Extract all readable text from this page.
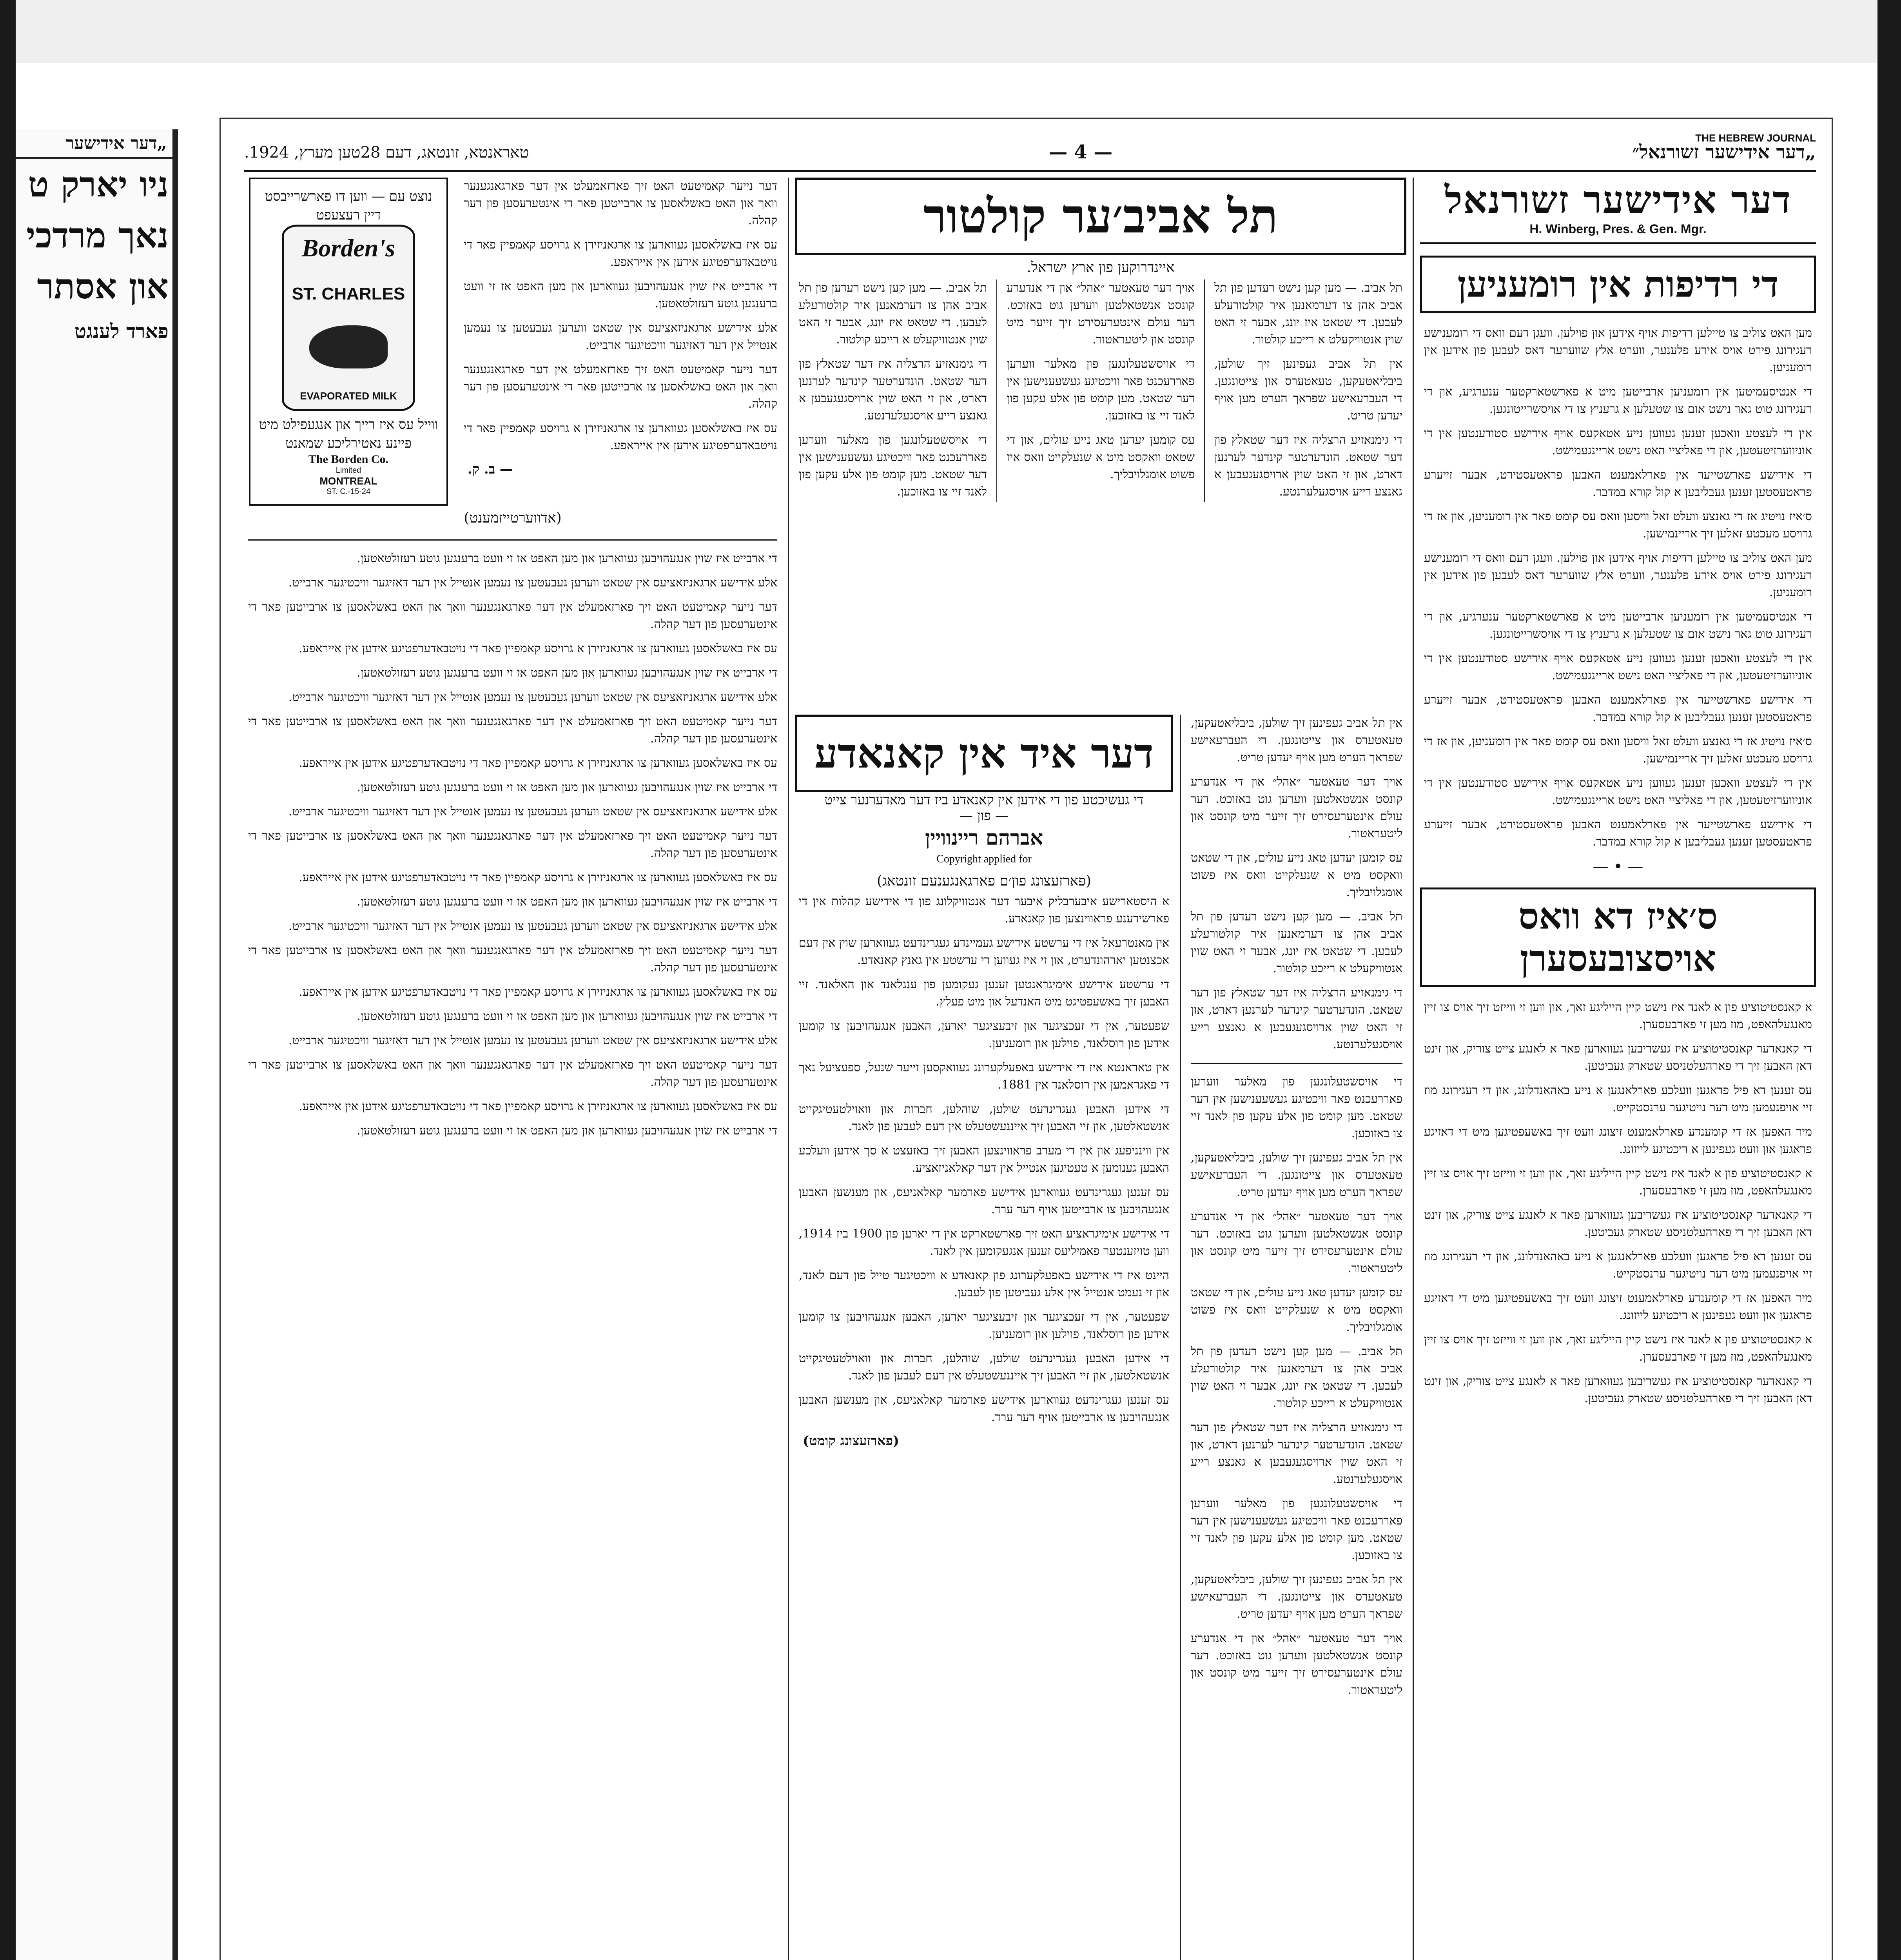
„דער אידישער
ניו יארק ט
נאך מרדכי
און אסתר
פארד לענגט
„דער אידישער זשורנאל״
— 4 —
טאראנטא, זונטאג, דעם 28טען מערץ, 1924.
THE HEBREW JOURNAL
דער אידישער זשורנאל
H. Winberg, Pres. & Gen. Mgr.
די רדיפות אין רומעניען

מען האט צוליב צו טיילען רדיפות אויף אידען און פוילען. וועגן דעם וואס די רומענישע רעגירונג פירט אויס אירע פלענער, ווערט אלץ שווערער דאס לעבען פון אידען אין רומעניען.

די אנטיסעמיטען אין רומעניען ארבייטען מיט א פארשטארקטער ענערגיע, און די רעגירונג טוט גאר נישט אום צו שטעלען א גרעניץ צו די אויסשרייטונגען.

אין די לעצטע וואכען זענען געווען נייע אטאקעס אויף אידישע סטודענטען אין די אוניווערזיטעטען, און די פאליציי האט נישט אריינגעמישט.

די אידישע פארשטייער אין פארלאמענט האבען פראטעסטירט, אבער זייערע פראטעסטען זענען געבליבען א קול קורא במדבר.

ס׳איז נויטיג אז די גאנצע וועלט זאל וויסען וואס עס קומט פאר אין רומעניען, און אז די גרויסע מעכטע זאלען זיך אריינמישען.

מען האט צוליב צו טיילען רדיפות אויף אידען און פוילען. וועגן דעם וואס די רומענישע רעגירונג פירט אויס אירע פלענער, ווערט אלץ שווערער דאס לעבען פון אידען אין רומעניען.

די אנטיסעמיטען אין רומעניען ארבייטען מיט א פארשטארקטער ענערגיע, און די רעגירונג טוט גאר נישט אום צו שטעלען א גרעניץ צו די אויסשרייטונגען.

אין די לעצטע וואכען זענען געווען נייע אטאקעס אויף אידישע סטודענטען אין די אוניווערזיטעטען, און די פאליציי האט נישט אריינגעמישט.

די אידישע פארשטייער אין פארלאמענט האבען פראטעסטירט, אבער זייערע פראטעסטען זענען געבליבען א קול קורא במדבר.

ס׳איז נויטיג אז די גאנצע וועלט זאל וויסען וואס עס קומט פאר אין רומעניען, און אז די גרויסע מעכטע זאלען זיך אריינמישען.

אין די לעצטע וואכען זענען געווען נייע אטאקעס אויף אידישע סטודענטען אין די אוניווערזיטעטען, און די פאליציי האט נישט אריינגעמישט.

די אידישע פארשטייער אין פארלאמענט האבען פראטעסטירט, אבער זייערע פראטעסטען זענען געבליבען א קול קורא במדבר.

— • —
ס׳איז דא וואס אויסצובעסערן

א קאנסטיטוציע פון א לאנד איז נישט קיין הייליגע זאך, און ווען זי ווייזט זיך אויס צו זיין מאנגעלהאפט, מוז מען זי פארבעסערן.

די קאנאדער קאנסטיטוציע איז געשריבען געווארען פאר א לאנגע צייט צוריק, און זינט דאן האבען זיך די פארהעלטניסע שטארק געביטען.

עס זענען דא פיל פראגען וועלכע פארלאנגען א נייע באהאנדלונג, און די רעגירונג מוז זיי אויפנעמען מיט דער נויטיגער ערנסטקייט.

מיר האפען אז די קומענדע פארלאמענט זיצונג וועט זיך באשעפטיגען מיט די דאזיגע פראגען און וועט געפינען א ריכטיגע לייזונג.

א קאנסטיטוציע פון א לאנד איז נישט קיין הייליגע זאך, און ווען זי ווייזט זיך אויס צו זיין מאנגעלהאפט, מוז מען זי פארבעסערן.

די קאנאדער קאנסטיטוציע איז געשריבען געווארען פאר א לאנגע צייט צוריק, און זינט דאן האבען זיך די פארהעלטניסע שטארק געביטען.

עס זענען דא פיל פראגען וועלכע פארלאנגען א נייע באהאנדלונג, און די רעגירונג מוז זיי אויפנעמען מיט דער נויטיגער ערנסטקייט.

מיר האפען אז די קומענדע פארלאמענט זיצונג וועט זיך באשעפטיגען מיט די דאזיגע פראגען און וועט געפינען א ריכטיגע לייזונג.

א קאנסטיטוציע פון א לאנד איז נישט קיין הייליגע זאך, און ווען זי ווייזט זיך אויס צו זיין מאנגעלהאפט, מוז מען זי פארבעסערן.

די קאנאדער קאנסטיטוציע איז געשריבען געווארען פאר א לאנגע צייט צוריק, און זינט דאן האבען זיך די פארהעלטניסע שטארק געביטען.

תל אביב׳ער קולטור
איינדרוקען פון ארץ ישראל.

תל אביב. — מען קען נישט רעדען פון תל אביב אהן צו דערמאנען איר קולטורעלע לעבען. די שטאט איז יונג, אבער זי האט שוין אנטוויקעלט א רייכע קולטור.

אין תל אביב געפינען זיך שולען, ביבליאטעקען, טעאטערס און צייטונגען. די העברעאישע שפראך הערט מען אויף יעדען טריט.

די גימנאזיע הרצליה איז דער שטאלץ פון דער שטאט. הונדערטער קינדער לערנען דארט, און זי האט שוין ארויסגעגעבען א גאנצע רייע אויסגעלערנטע.

אויך דער טעאטער ״אהל״ און די אנדערע קונסט אנשטאלטען ווערען גוט באזוכט. דער עולם אינטערעסירט זיך זייער מיט קונסט און ליטעראטור.

די אויסשטעלונגען פון מאלער ווערען פאררעכנט פאר וויכטיגע געשעענישען אין דער שטאט. מען קומט פון אלע עקען פון לאנד זיי צו באזוכען.

עס קומען יעדען טאג נייע עולים, און די שטאט וואקסט מיט א שנעלקייט וואס איז פשוט אומגלויבליך.

תל אביב. — מען קען נישט רעדען פון תל אביב אהן צו דערמאנען איר קולטורעלע לעבען. די שטאט איז יונג, אבער זי האט שוין אנטוויקעלט א רייכע קולטור.

די גימנאזיע הרצליה איז דער שטאלץ פון דער שטאט. הונדערטער קינדער לערנען דארט, און זי האט שוין ארויסגעגעבען א גאנצע רייע אויסגעלערנטע.

די אויסשטעלונגען פון מאלער ווערען פאררעכנט פאר וויכטיגע געשעענישען אין דער שטאט. מען קומט פון אלע עקען פון לאנד זיי צו באזוכען.

אין תל אביב געפינען זיך שולען, ביבליאטעקען, טעאטערס און צייטונגען. די העברעאישע שפראך הערט מען אויף יעדען טריט.

אויך דער טעאטער ״אהל״ און די אנדערע קונסט אנשטאלטען ווערען גוט באזוכט. דער עולם אינטערעסירט זיך זייער מיט קונסט און ליטעראטור.

עס קומען יעדען טאג נייע עולים, און די שטאט וואקסט מיט א שנעלקייט וואס איז פשוט אומגלויבליך.

תל אביב. — מען קען נישט רעדען פון תל אביב אהן צו דערמאנען איר קולטורעלע לעבען. די שטאט איז יונג, אבער זי האט שוין אנטוויקעלט א רייכע קולטור.

די גימנאזיע הרצליה איז דער שטאלץ פון דער שטאט. הונדערטער קינדער לערנען דארט, און זי האט שוין ארויסגעגעבען א גאנצע רייע אויסגעלערנטע.

די אויסשטעלונגען פון מאלער ווערען פאררעכנט פאר וויכטיגע געשעענישען אין דער שטאט. מען קומט פון אלע עקען פון לאנד זיי צו באזוכען.

אין תל אביב געפינען זיך שולען, ביבליאטעקען, טעאטערס און צייטונגען. די העברעאישע שפראך הערט מען אויף יעדען טריט.

אויך דער טעאטער ״אהל״ און די אנדערע קונסט אנשטאלטען ווערען גוט באזוכט. דער עולם אינטערעסירט זיך זייער מיט קונסט און ליטעראטור.

עס קומען יעדען טאג נייע עולים, און די שטאט וואקסט מיט א שנעלקייט וואס איז פשוט אומגלויבליך.

תל אביב. — מען קען נישט רעדען פון תל אביב אהן צו דערמאנען איר קולטורעלע לעבען. די שטאט איז יונג, אבער זי האט שוין אנטוויקעלט א רייכע קולטור.

די גימנאזיע הרצליה איז דער שטאלץ פון דער שטאט. הונדערטער קינדער לערנען דארט, און זי האט שוין ארויסגעגעבען א גאנצע רייע אויסגעלערנטע.

די אויסשטעלונגען פון מאלער ווערען פאררעכנט פאר וויכטיגע געשעענישען אין דער שטאט. מען קומט פון אלע עקען פון לאנד זיי צו באזוכען.

אין תל אביב געפינען זיך שולען, ביבליאטעקען, טעאטערס און צייטונגען. די העברעאישע שפראך הערט מען אויף יעדען טריט.

אויך דער טעאטער ״אהל״ און די אנדערע קונסט אנשטאלטען ווערען גוט באזוכט. דער עולם אינטערעסירט זיך זייער מיט קונסט און ליטעראטור.

דער איד אין קאנאדע
די געשיכטע פון די אידען אין קאנאדע ביז דער מאדערנער צייט
— פון —
אברהם ריינוויין
Copyright applied for
(פארזעצונג פון׳ם פארגאנגענעם זונטאג)

א היסטארישע איבערבליק איבער דער אנטוויקלונג פון די אידישע קהלות אין די פארשידענע פראווינצען פון קאנאדע.

אין מאנטרעאל איז די ערשטע אידישע געמיינדע געגרינדעט געווארען שוין אין דעם אכצנטען יארהונדערט, און זי איז געווען די ערשטע אין גאנץ קאנאדע.

די ערשטע אידישע אימיגראנטען זענען געקומען פון ענגלאנד און האלאנד. זיי האבען זיך באשעפטיגט מיט האנדעל און מיט פעלץ.

שפעטער, אין די זעכציגער און זיבעציגער יארען, האבען אנגעהויבען צו קומען אידען פון רוסלאנד, פוילען און רומעניען.

אין טאראנטא איז די אידישע באפעלקערונג געוואקסען זייער שנעל, ספעציעל נאך די פאגראמען אין רוסלאנד אין 1881.

די אידען האבען געגרינדעט שולען, שוהלען, חברות און וואוילטעטיגקייט אנשטאלטען, און זיי האבען זיך אייננעשטעלט אין דעם לעבען פון לאנד.

אין ווינניפעג און אין די מערב פראווינצען האבען זיך באזעצט א סך אידען וועלכע האבען גענומען א טעטיגען אנטייל אין דער קאלאניזאציע.

עס זענען געגרינדעט געווארען אידישע פארמער קאלאניעס, און מענשען האבען אנגעהויבען צו ארבייטען אויף דער ערד.

די אידישע אימיגראציע האט זיך פארשטארקט אין די יארען פון 1900 ביז 1914, ווען טויזענטער פאמיליעס זענען אנגעקומען אין לאנד.

היינט איז די אידישע באפעלקערונג פון קאנאדע א וויכטיגער טייל פון דעם לאנד, און זי נעמט אנטייל אין אלע געביטען פון לעבען.

שפעטער, אין די זעכציגער און זיבעציגער יארען, האבען אנגעהויבען צו קומען אידען פון רוסלאנד, פוילען און רומעניען.

די אידען האבען געגרינדעט שולען, שוהלען, חברות און וואוילטעטיגקייט אנשטאלטען, און זיי האבען זיך אייננעשטעלט אין דעם לעבען פון לאנד.

עס זענען געגרינדעט געווארען אידישע פארמער קאלאניעס, און מענשען האבען אנגעהויבען צו ארבייטען אויף דער ערד.

(פארזעצונג קומט)

דער נייער קאמיטעט האט זיך פארזאמעלט אין דער פארגאנגענער וואך און האט באשלאסען צו ארבייטען פאר די אינטערעסען פון דער קהלה.

עס איז באשלאסען געווארען צו ארגאניזירן א גרויסע קאמפיין פאר די נויטבאדערפטיגע אידען אין אייראפע.

די ארבייט איז שוין אנגעהויבען געווארען און מען האפט אז זי וועט ברענגען גוטע רעזולטאטען.

אלע אידישע ארגאניזאציעס אין שטאט ווערען געבעטען צו נעמען אנטייל אין דער דאזיגער וויכטיגער ארבייט.

דער נייער קאמיטעט האט זיך פארזאמעלט אין דער פארגאנגענער וואך און האט באשלאסען צו ארבייטען פאר די אינטערעסען פון דער קהלה.

עס איז באשלאסען געווארען צו ארגאניזירן א גרויסע קאמפיין פאר די נויטבאדערפטיגע אידען אין אייראפע.

— ב. ק.
נוצט עם — ווען דו פארשרייבסט דיין רעצעפט
Borden's
ST. CHARLES
EVAPORATED MILK
ווייל עס איז רייך און אנגעפילט מיט פיינע נאטירליכע שמאנט
The Borden Co.
Limited
MONTREAL
ST. C.-15-24
(אדווערטייזמענט)

די ארבייט איז שוין אנגעהויבען געווארען און מען האפט אז זי וועט ברענגען גוטע רעזולטאטען.

אלע אידישע ארגאניזאציעס אין שטאט ווערען געבעטען צו נעמען אנטייל אין דער דאזיגער וויכטיגער ארבייט.

דער נייער קאמיטעט האט זיך פארזאמעלט אין דער פארגאנגענער וואך און האט באשלאסען צו ארבייטען פאר די אינטערעסען פון דער קהלה.

עס איז באשלאסען געווארען צו ארגאניזירן א גרויסע קאמפיין פאר די נויטבאדערפטיגע אידען אין אייראפע.

די ארבייט איז שוין אנגעהויבען געווארען און מען האפט אז זי וועט ברענגען גוטע רעזולטאטען.

אלע אידישע ארגאניזאציעס אין שטאט ווערען געבעטען צו נעמען אנטייל אין דער דאזיגער וויכטיגער ארבייט.

דער נייער קאמיטעט האט זיך פארזאמעלט אין דער פארגאנגענער וואך און האט באשלאסען צו ארבייטען פאר די אינטערעסען פון דער קהלה.

עס איז באשלאסען געווארען צו ארגאניזירן א גרויסע קאמפיין פאר די נויטבאדערפטיגע אידען אין אייראפע.

די ארבייט איז שוין אנגעהויבען געווארען און מען האפט אז זי וועט ברענגען גוטע רעזולטאטען.

אלע אידישע ארגאניזאציעס אין שטאט ווערען געבעטען צו נעמען אנטייל אין דער דאזיגער וויכטיגער ארבייט.

דער נייער קאמיטעט האט זיך פארזאמעלט אין דער פארגאנגענער וואך און האט באשלאסען צו ארבייטען פאר די אינטערעסען פון דער קהלה.

עס איז באשלאסען געווארען צו ארגאניזירן א גרויסע קאמפיין פאר די נויטבאדערפטיגע אידען אין אייראפע.

די ארבייט איז שוין אנגעהויבען געווארען און מען האפט אז זי וועט ברענגען גוטע רעזולטאטען.

אלע אידישע ארגאניזאציעס אין שטאט ווערען געבעטען צו נעמען אנטייל אין דער דאזיגער וויכטיגער ארבייט.

דער נייער קאמיטעט האט זיך פארזאמעלט אין דער פארגאנגענער וואך און האט באשלאסען צו ארבייטען פאר די אינטערעסען פון דער קהלה.

עס איז באשלאסען געווארען צו ארגאניזירן א גרויסע קאמפיין פאר די נויטבאדערפטיגע אידען אין אייראפע.

די ארבייט איז שוין אנגעהויבען געווארען און מען האפט אז זי וועט ברענגען גוטע רעזולטאטען.

אלע אידישע ארגאניזאציעס אין שטאט ווערען געבעטען צו נעמען אנטייל אין דער דאזיגער וויכטיגער ארבייט.

דער נייער קאמיטעט האט זיך פארזאמעלט אין דער פארגאנגענער וואך און האט באשלאסען צו ארבייטען פאר די אינטערעסען פון דער קהלה.

עס איז באשלאסען געווארען צו ארגאניזירן א גרויסע קאמפיין פאר די נויטבאדערפטיגע אידען אין אייראפע.

די ארבייט איז שוין אנגעהויבען געווארען און מען האפט אז זי וועט ברענגען גוטע רעזולטאטען.
